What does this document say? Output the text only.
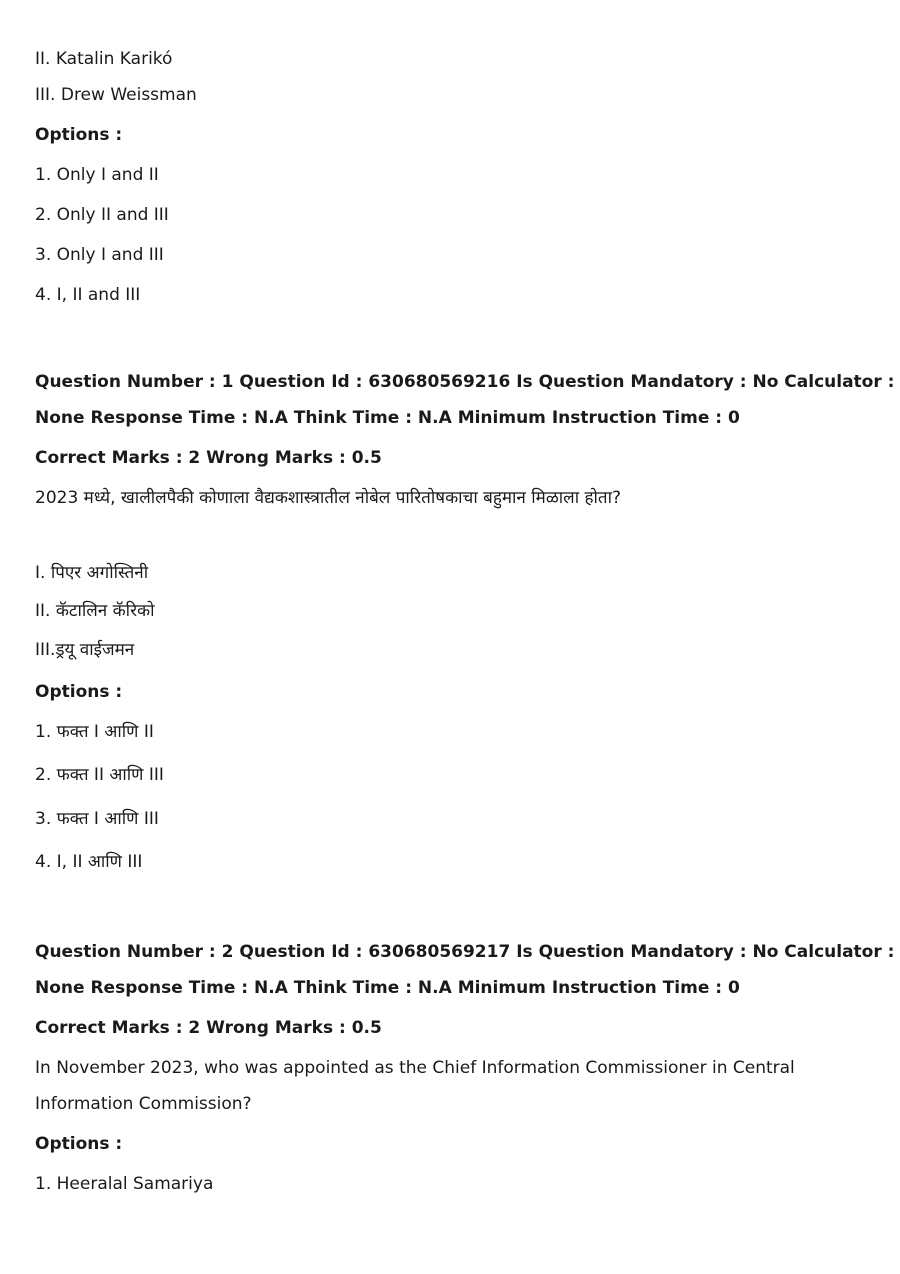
II. Katalin Karikó
III. Drew Weissman
Options :
1. Only I and II
2. Only II and III
3. Only I and III
4. I, II and III
Question Number : 1 Question Id : 630680569216 Is Question Mandatory : No Calculator :
None Response Time : N.A Think Time : N.A Minimum Instruction Time : 0
Correct Marks : 2 Wrong Marks : 0.5
2023 मध्ये, खालीलपैकी कोणाला वैद्यकशास्त्रातील नोबेल पारितोषकाचा बहुमान मिळाला होता?
I. पिएर अगोस्तिनी
II. कॅटालिन कॅरिको
III.ड्रयू वाईजमन
Options :
1. फक्त I आणि II
2. फक्त II आणि III
3. फक्त I आणि III
4. I, II आणि III
Question Number : 2 Question Id : 630680569217 Is Question Mandatory : No Calculator :
None Response Time : N.A Think Time : N.A Minimum Instruction Time : 0
Correct Marks : 2 Wrong Marks : 0.5
In November 2023, who was appointed as the Chief Information Commissioner in Central
Information Commission?
Options :
1. Heeralal Samariya
